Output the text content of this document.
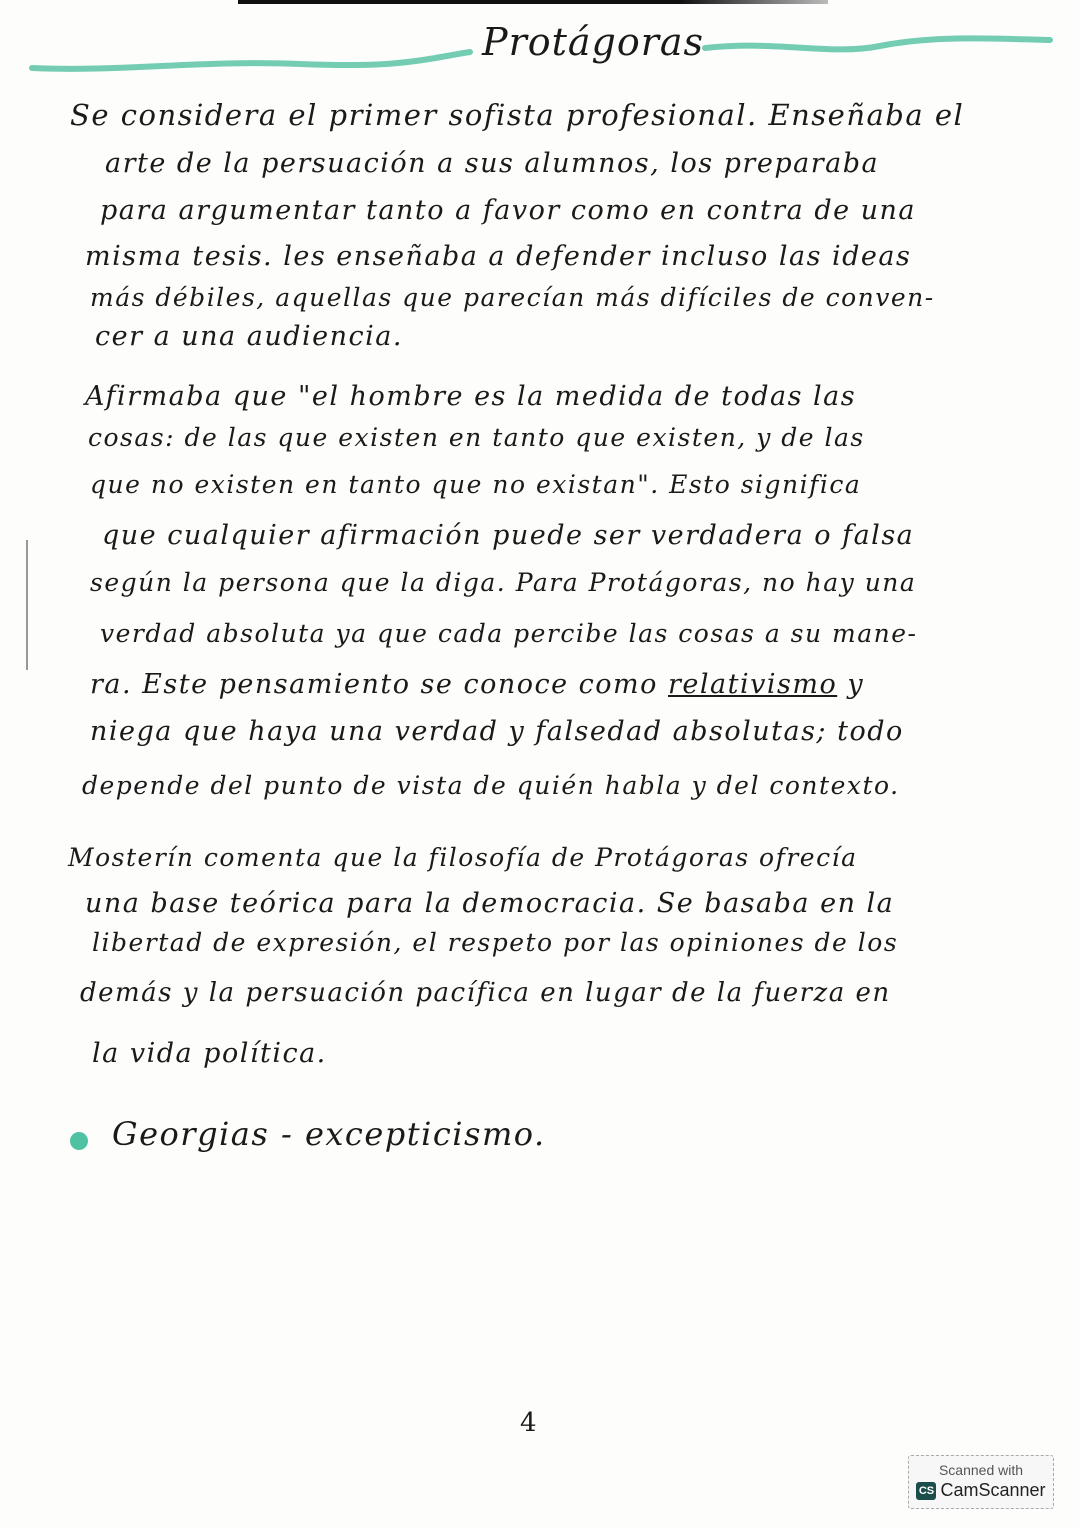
Protágoras
Se considera el primer sofista profesional. Enseñaba el
arte de la persuación a sus alumnos, los preparaba
para argumentar tanto a favor como en contra de una
misma tesis. les enseñaba a defender incluso las ideas
más débiles, aquellas que parecían más difíciles de conven-
cer a una audiencia.
Afirmaba que "el hombre es la medida de todas las
cosas: de las que existen en tanto que existen, y de las
que no existen en tanto que no existan". Esto significa
que cualquier afirmación puede ser verdadera o falsa
según la persona que la diga. Para Protágoras, no hay una
verdad absoluta ya que cada percibe las cosas a su mane-
ra. Este pensamiento se conoce como relativismo y
niega que haya una verdad y falsedad absolutas; todo
depende del punto de vista de quién habla y del contexto.
Mosterín comenta que la filosofía de Protágoras ofrecía
una base teórica para la democracia. Se basaba en la
libertad de expresión, el respeto por las opiniones de los
demás y la persuación pacífica en lugar de la fuerza en
la vida política.
Georgias - excepticismo.
4
Scanned with
CS CamScanner
